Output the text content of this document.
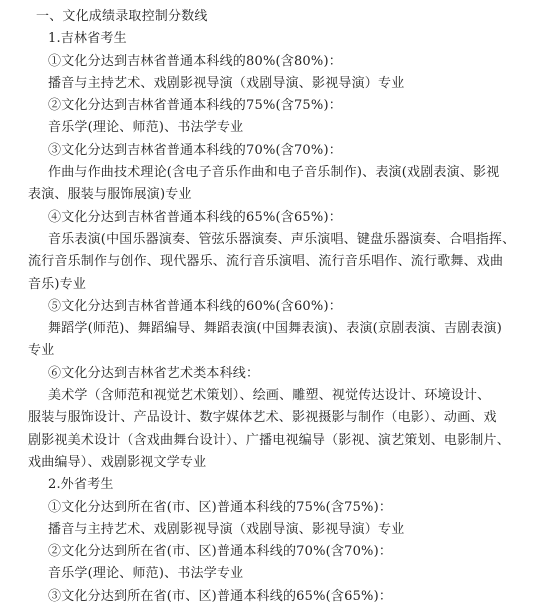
一、文化成绩录取控制分数线
1.吉林省考生
①文化分达到吉林省普通本科线的80%(含80%)：
播音与主持艺术、戏剧影视导演（戏剧导演、影视导演）专业
②文化分达到吉林省普通本科线的75%(含75%)：
音乐学(理论、师范)、书法学专业
③文化分达到吉林省普通本科线的70%(含70%)：
作曲与作曲技术理论(含电子音乐作曲和电子音乐制作)、表演(戏剧表演、影视
表演、服装与服饰展演)专业
④文化分达到吉林省普通本科线的65%(含65%)：
音乐表演(中国乐器演奏、管弦乐器演奏、声乐演唱、键盘乐器演奏、合唱指挥、
流行音乐制作与创作、现代器乐、流行音乐演唱、流行音乐唱作、流行歌舞、戏曲
音乐)专业
⑤文化分达到吉林省普通本科线的60%(含60%)：
舞蹈学(师范)、舞蹈编导、舞蹈表演(中国舞表演)、表演(京剧表演、吉剧表演)
专业
⑥文化分达到吉林省艺术类本科线：
美术学（含师范和视觉艺术策划）、绘画、雕塑、视觉传达设计、环境设计、
服装与服饰设计、产品设计、数字媒体艺术、影视摄影与制作（电影）、动画、戏
剧影视美术设计（含戏曲舞台设计）、广播电视编导（影视、演艺策划、电影制片、
戏曲编导）、戏剧影视文学专业
2.外省考生
①文化分达到所在省(市、区)普通本科线的75%(含75%)：
播音与主持艺术、戏剧影视导演（戏剧导演、影视导演）专业
②文化分达到所在省(市、区)普通本科线的70%(含70%)：
音乐学(理论、师范)、书法学专业
③文化分达到所在省(市、区)普通本科线的65%(含65%)：
